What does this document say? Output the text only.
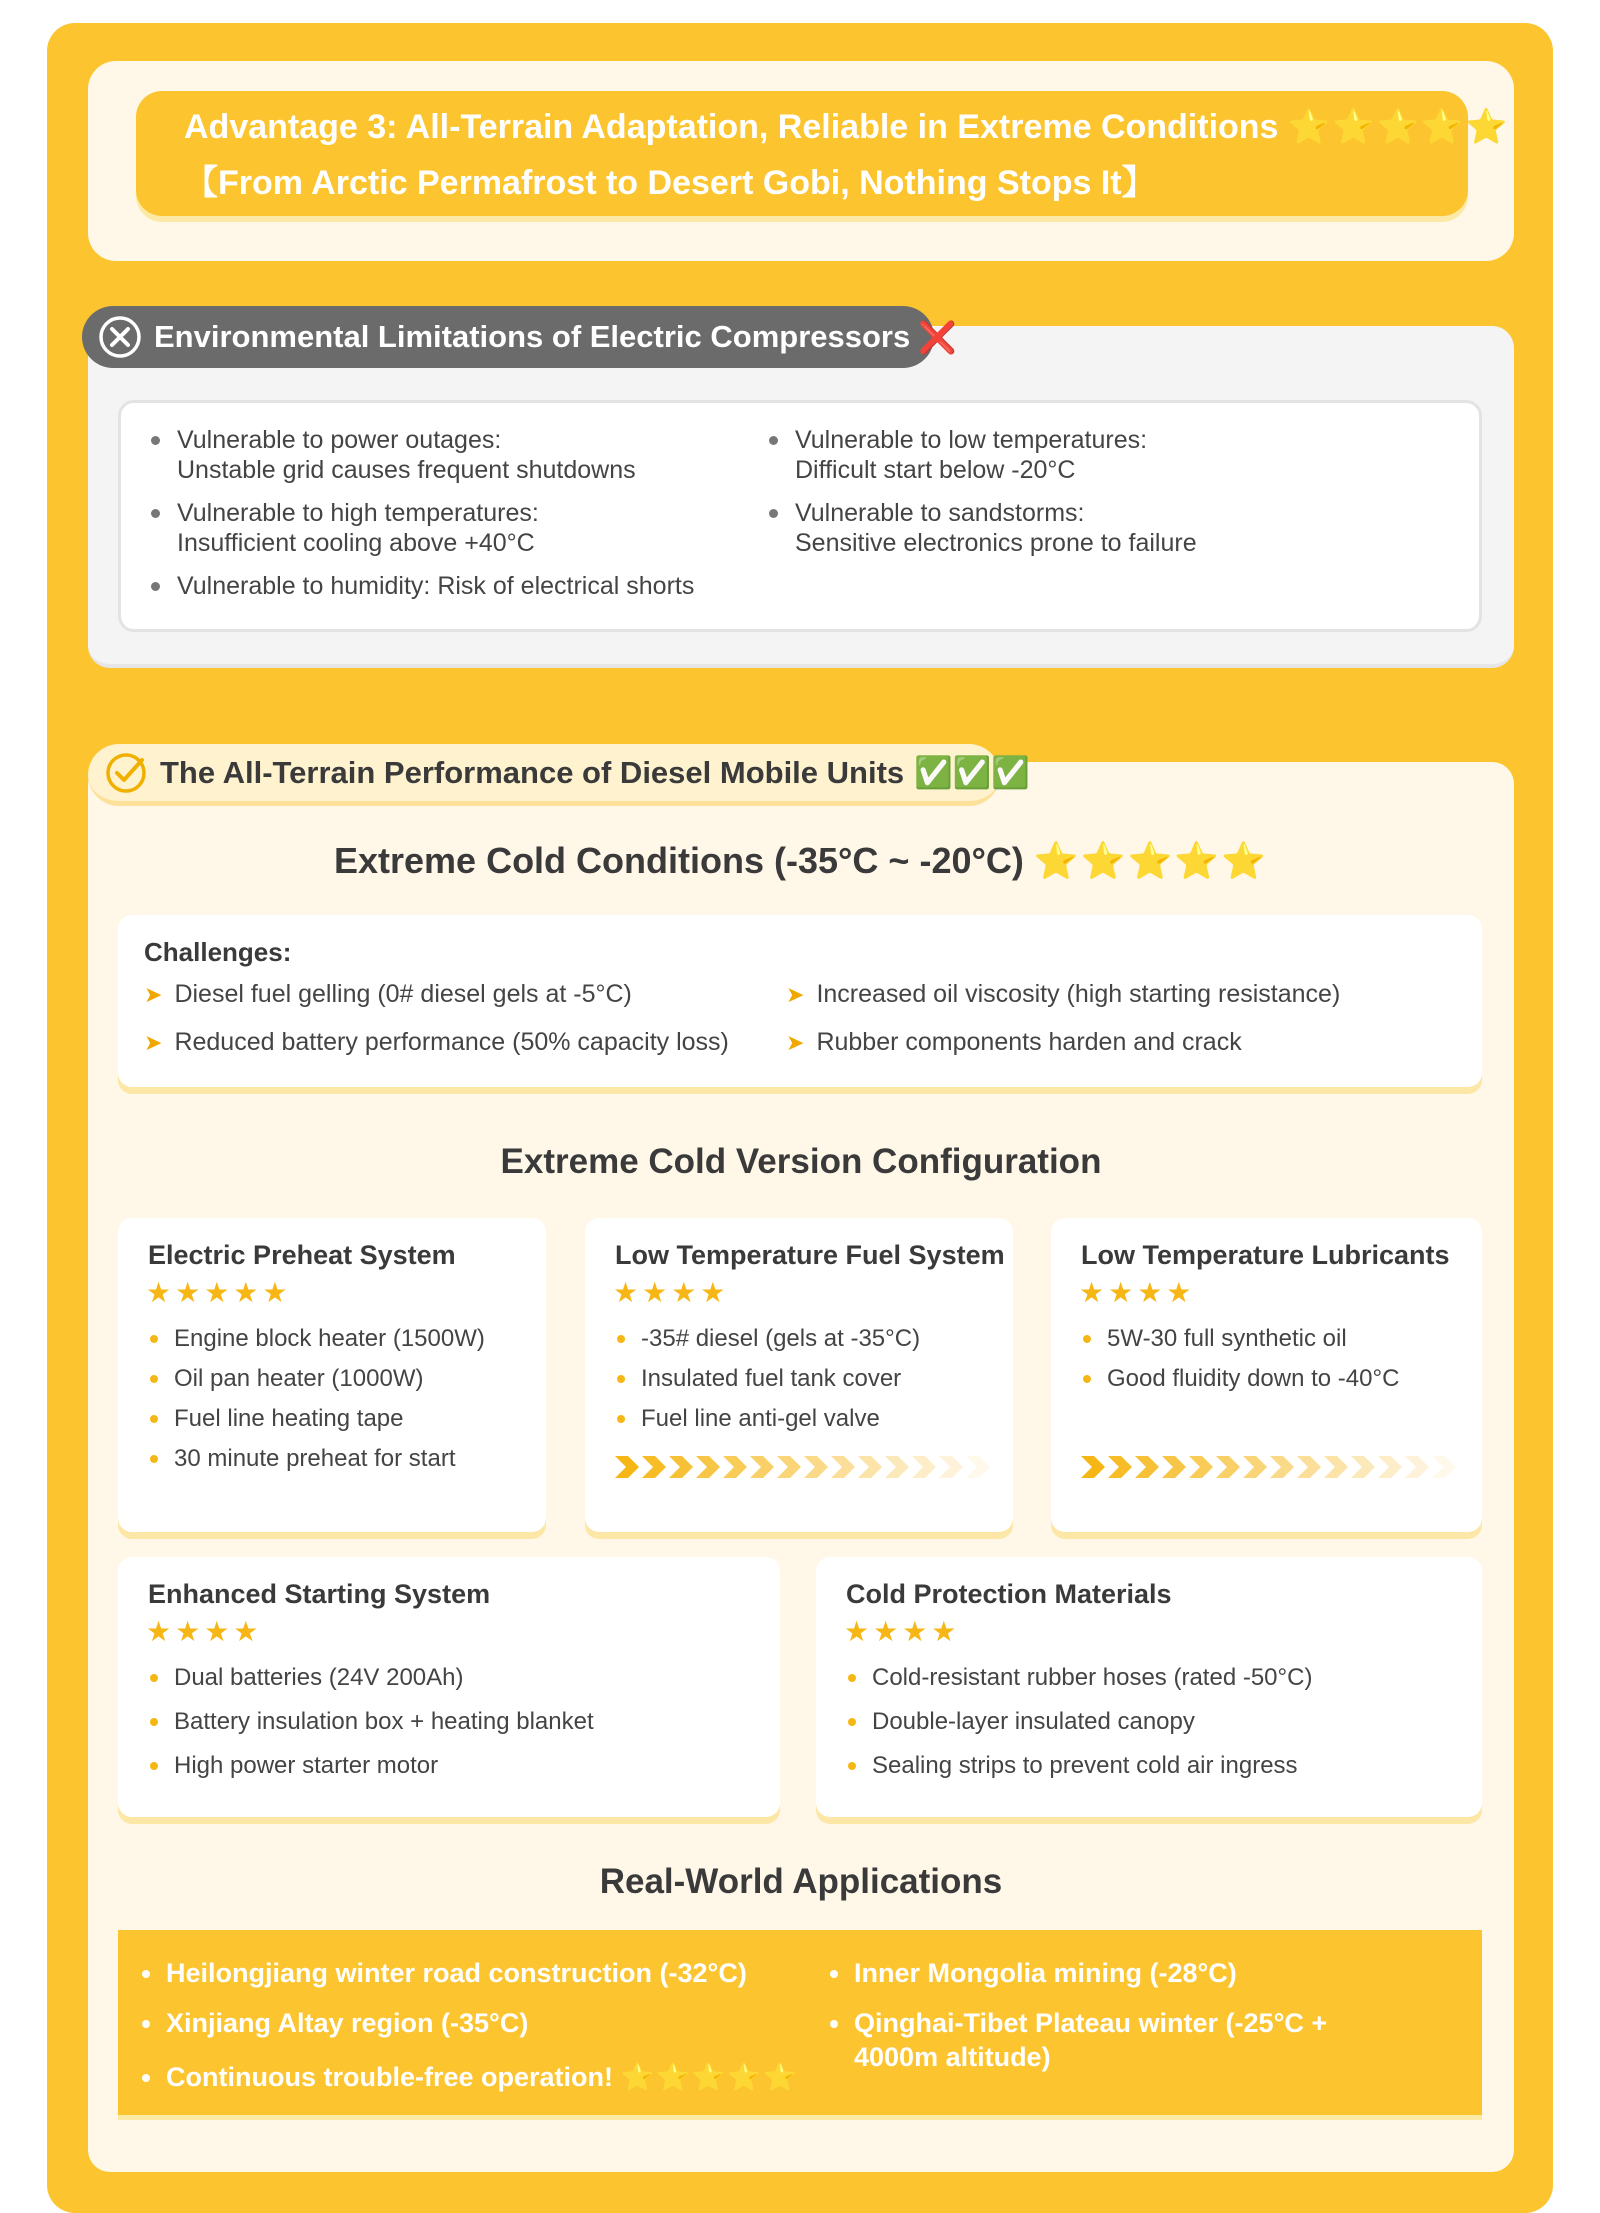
Advantage 3: All-Terrain Adaptation, Reliable in Extreme Conditions ⭐⭐⭐⭐⭐
【From Arctic Permafrost to Desert Gobi, Nothing Stops It】
Vulnerable to power outages:
Unstable grid causes frequent shutdowns
Vulnerable to high temperatures:
Insufficient cooling above +40°C
Vulnerable to humidity: Risk of electrical shorts
Vulnerable to low temperatures:
Difficult start below -20°C
Vulnerable to sandstorms:
Sensitive electronics prone to failure
Environmental Limitations of Electric Compressors ❌
Extreme Cold Conditions (-35°C ~ -20°C) ⭐⭐⭐⭐⭐
Challenges:
➤ Diesel fuel gelling (0# diesel gels at -5°C)
➤ Reduced battery performance (50% capacity loss)
➤ Increased oil viscosity (high starting resistance)
➤ Rubber components harden and crack
Extreme Cold Version Configuration
Electric Preheat System
★★★★★
Engine block heater (1500W)
Oil pan heater (1000W)
Fuel line heating tape
30 minute preheat for start
Low Temperature Fuel System
★★★★
-35# diesel (gels at -35°C)
Insulated fuel tank cover
Fuel line anti-gel valve
Low Temperature Lubricants
★★★★
5W-30 full synthetic oil
Good fluidity down to -40°C
Enhanced Starting System
★★★★
Dual batteries (24V 200Ah)
Battery insulation box + heating blanket
High power starter motor
Cold Protection Materials
★★★★
Cold-resistant rubber hoses (rated -50°C)
Double-layer insulated canopy
Sealing strips to prevent cold air ingress
Real-World Applications
Heilongjiang winter road construction (-32°C)
Xinjiang Altay region (-35°C)
Continuous trouble-free operation! ⭐⭐⭐⭐⭐
Inner Mongolia mining (-28°C)
Qinghai-Tibet Plateau winter (-25°C + 4000m altitude)
The All-Terrain Performance of Diesel Mobile Units ✅✅✅
